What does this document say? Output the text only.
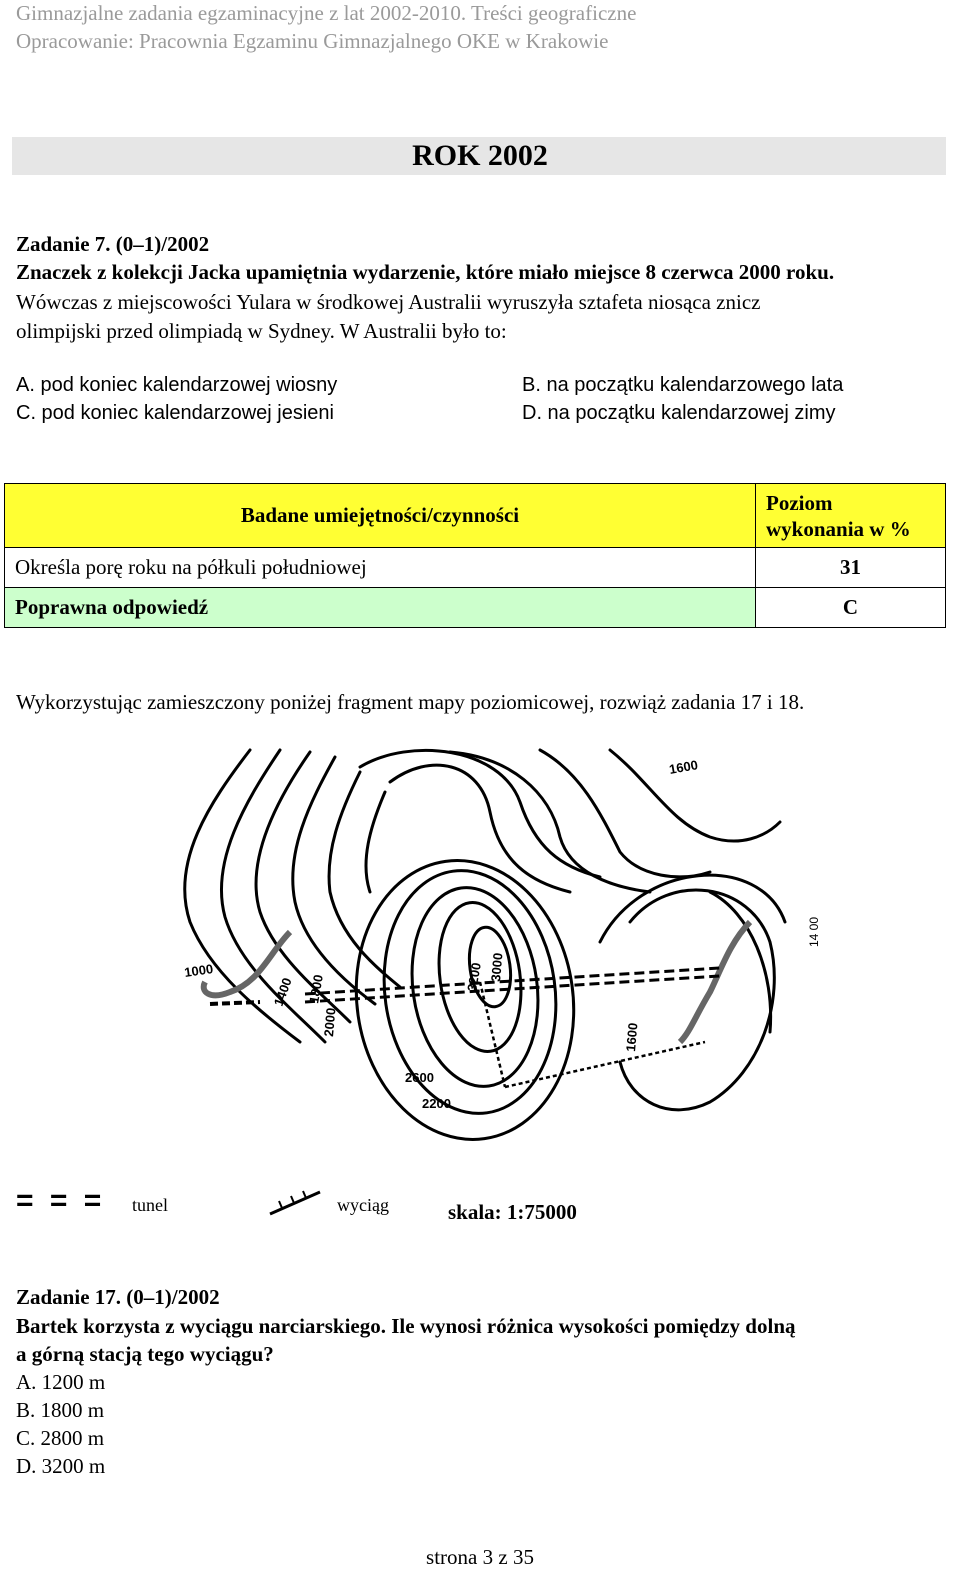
Gimnazjalne zadania egzaminacyjne z lat 2002-2010. Treści geograficzne
Opracowanie: Pracownia Egzaminu Gimnazjalnego OKE w Krakowie
ROK 2002
Zadanie 7. (0–1)/2002
Znaczek z kolekcji Jacka upamiętnia wydarzenie, które miało miejsce 8 czerwca 2000 roku.
Wówczas z miejscowości Yulara w środkowej Australii wyruszyła sztafeta niosąca znicz
olimpijski przed olimpiadą w Sydney. W Australii było to:
A. pod koniec kalendarzowej wiosny	B. na początku kalendarzowego lata
C. pod koniec kalendarzowej jesieni	D. na początku kalendarzowej zimy
Badane umiejętności/czynności	Poziom
wykonania w %
Określa porę roku na półkuli południowej	31
Poprawna odpowiedź	C
Wykorzystując zamieszczony poniżej fragment mapy poziomicowej, rozwiąż zadania 17 i 18.
1600
14 00
1000
1400 1800
2000
3200 3000
1600
2600
2200
= = = tunel	wyciąg	skala: 1:75000
Zadanie 17. (0–1)/2002
Bartek korzysta z wyciągu narciarskiego. Ile wynosi różnica wysokości pomiędzy dolną
a górną stacją tego wyciągu?
A. 1200 m
B. 1800 m
C. 2800 m
D. 3200 m
strona 3 z 35
